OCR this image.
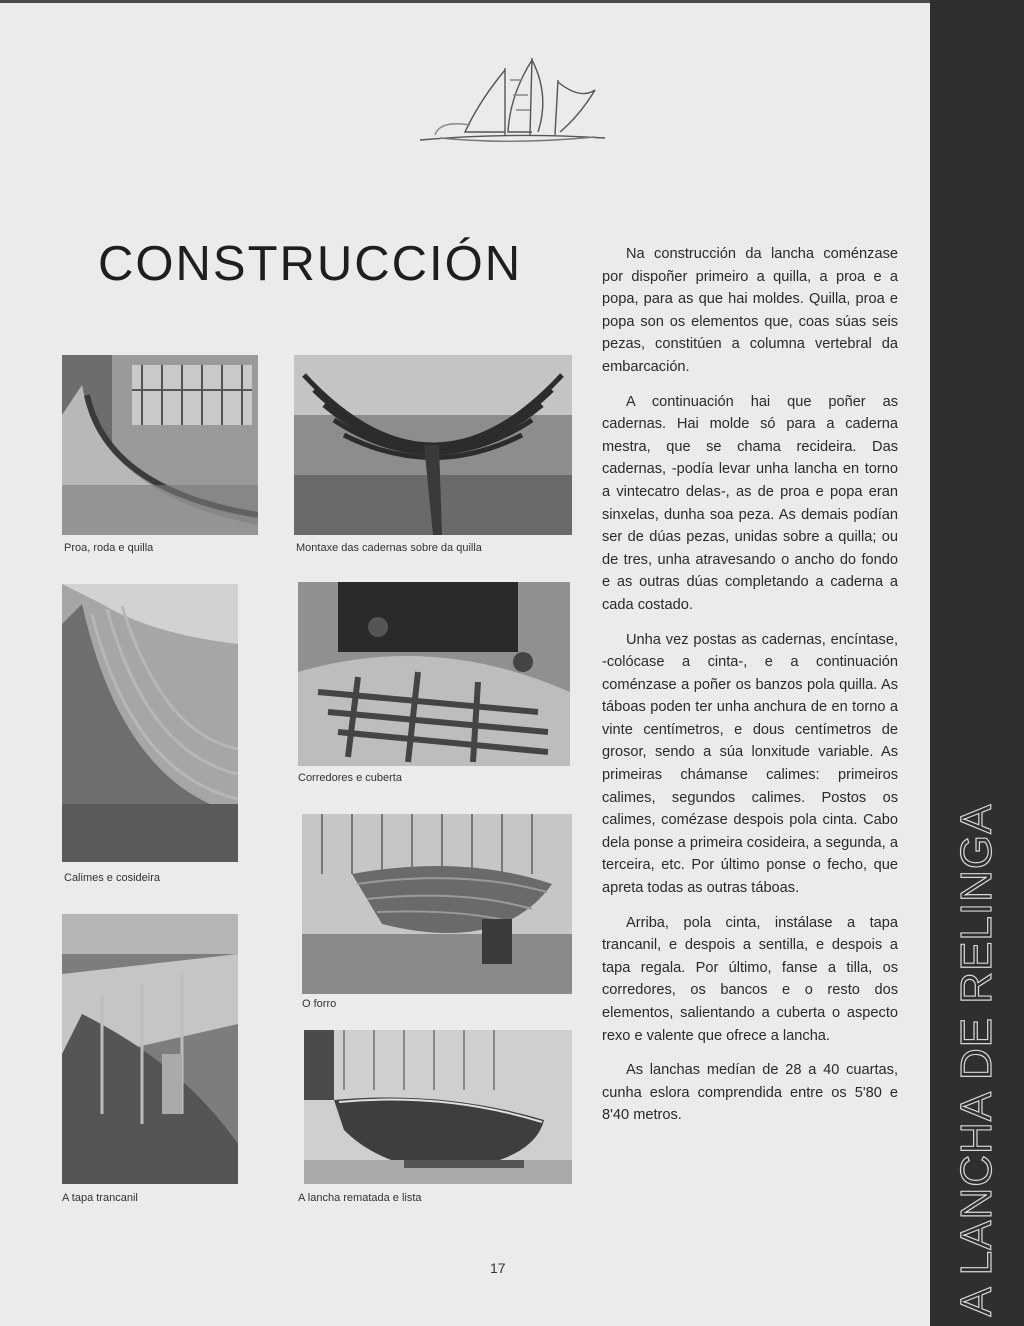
CONSTRUCCIÓN
Proa, roda e quilla	Montaxe das cadernas sobre da quilla
Calimes e cosideira
Corredores e cuberta
O forro
A tapa trancanil	A lancha rematada e lista

Na construcción da lancha coménzase por dispoñer primeiro a quilla, a proa e a popa, para as que hai moldes. Quilla, proa e popa son os elementos que, coas súas seis pezas, constitúen a columna vertebral da embarcación.

A continuación hai que poñer as cadernas. Hai molde só para a caderna mestra, que se chama recideira. Das cadernas, -podía levar unha lancha en torno a vintecatro delas-, as de proa e popa eran sinxelas, dunha soa peza. As demais podían ser de dúas pezas, unidas sobre a quilla; ou de tres, unha atravesando o ancho do fondo e as outras dúas completando a caderna a cada costado.

Unha vez postas as cadernas, encíntase, -colócase a cinta-, e a continuación coménzase a poñer os banzos pola quilla. As táboas poden ter unha anchura de en torno a vinte centímetros, e dous centímetros de grosor, sendo a súa lonxitude variable. As primeiras chámanse calimes: primeiros calimes, segundos calimes. Postos os calimes, comézase despois pola cinta. Cabo dela ponse a primeira cosideira, a segunda, a terceira, etc. Por último ponse o fecho, que apreta todas as outras táboas.

Arriba, pola cinta, instálase a tapa trancanil, e despois a sentilla, e despois a tapa regala. Por último, fanse a tilla, os corredores, os bancos e o resto dos elementos, salientando a cuberta o aspecto rexo e valente que ofrece a lancha.

As lanchas medían de 28 a 40 cuartas, cunha eslora comprendida entre os 5'80 e 8'40 metros.

17	A LANCHA DE RELINGA
